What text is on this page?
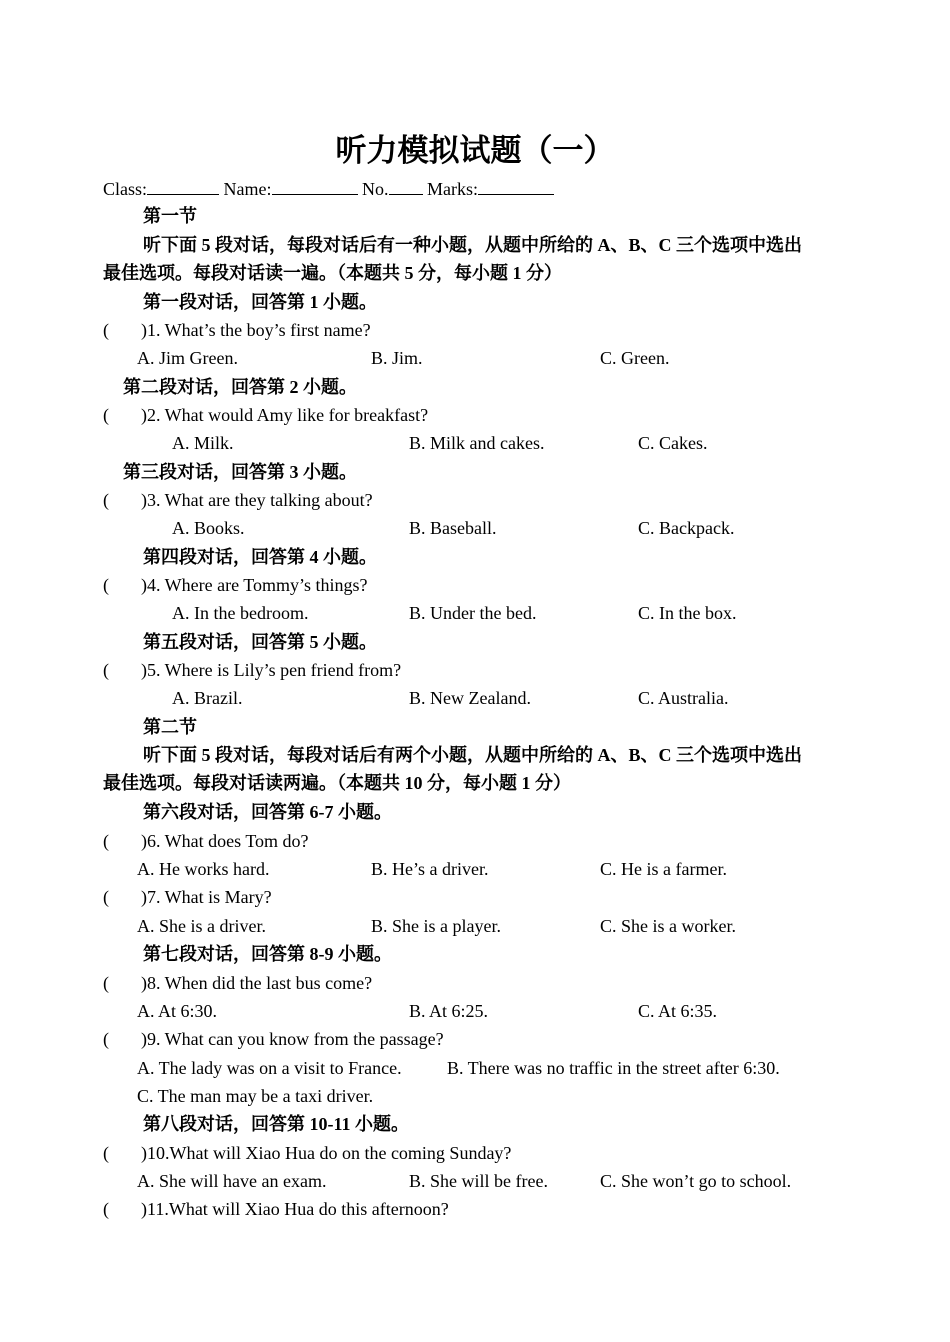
听力模拟试题（一）
Class:	Name:	No. Marks:
第一节
听下面 5 段对话，每段对话后有一种小题，从题中所给的 A、B、C 三个选项中选出
最佳选项。每段对话读一遍。（本题共 5 分，每小题 1 分）
第一段对话，回答第 1 小题。
( )1. What’s the boy’s first name?
A. Jim Green.	B. Jim.	C. Green.
第二段对话，回答第 2 小题。
( )2. What would Amy like for breakfast?
A. Milk.	B. Milk and cakes.	C. Cakes.
第三段对话，回答第 3 小题。
( )3. What are they talking about?
A. Books.	B. Baseball.	C. Backpack.
第四段对话，回答第 4 小题。
( )4. Where are Tommy’s things?
A. In the bedroom.	B. Under the bed.	C. In the box.
第五段对话，回答第 5 小题。
( )5. Where is Lily’s pen friend from?
A. Brazil.	B. New Zealand.	C. Australia.
第二节
听下面 5 段对话，每段对话后有两个小题，从题中所给的 A、B、C 三个选项中选出
最佳选项。每段对话读两遍。（本题共 10 分，每小题 1 分）
第六段对话，回答第 6-7 小题。
( )6. What does Tom do?
A. He works hard.	B. He’s a driver.	C. He is a farmer.
( )7. What is Mary?
A. She is a driver.	B. She is a player.	C. She is a worker.
第七段对话，回答第 8-9 小题。
( )8. When did the last bus come?
A. At 6:30.	B. At 6:25.	C. At 6:35.
( )9. What can you know from the passage?
A. The lady was on a visit to France.	B. There was no traffic in the street after 6:30.
C. The man may be a taxi driver.
第八段对话，回答第 10-11 小题。
( )10.What will Xiao Hua do on the coming Sunday?
A. She will have an exam.	B. She will be free.	C. She won’t go to school.
( )11.What will Xiao Hua do this afternoon?
